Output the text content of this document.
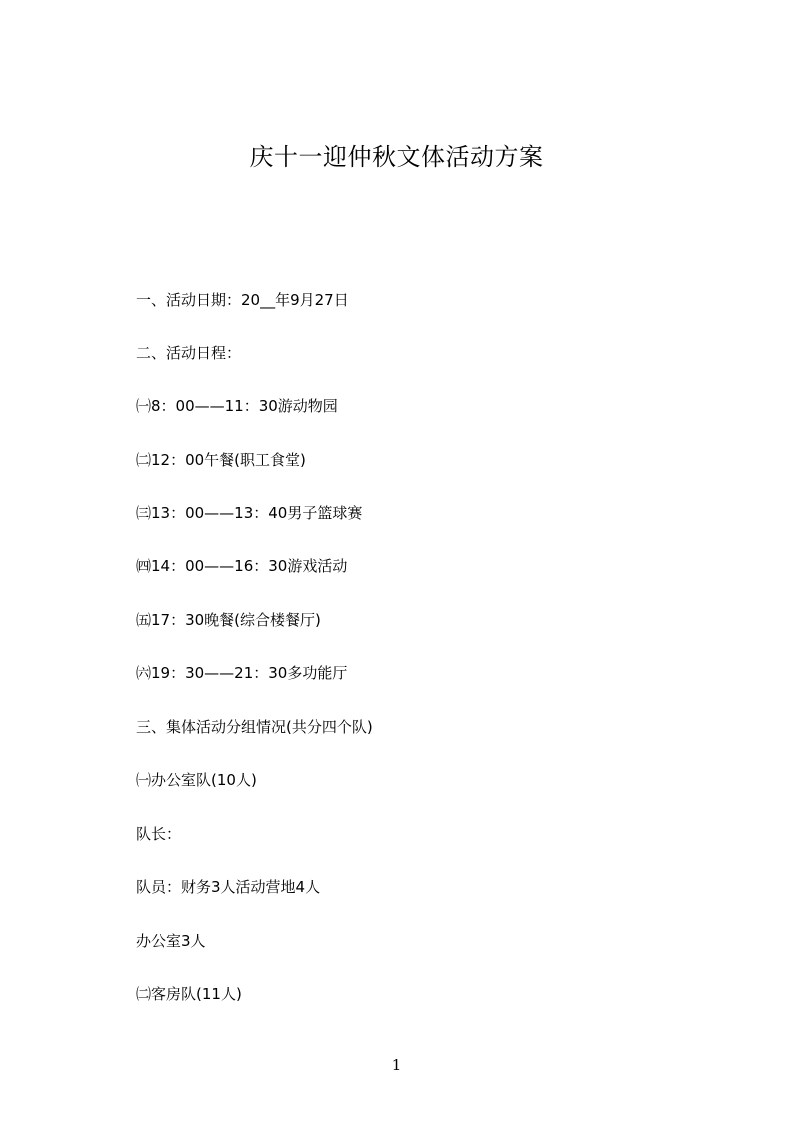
庆十一迎仲秋文体活动方案
一、活动日期：20__年9月27日
二、活动日程：
㈠8：00——11：30游动物园
㈡12：00午餐(职工食堂)
㈢13：00——13：40男子篮球赛
㈣14：00——16：30游戏活动
㈤17：30晚餐(综合楼餐厅)
㈥19：30——21：30多功能厅
三、集体活动分组情况(共分四个队)
㈠办公室队(10人)
队长：
队员：财务3人活动营地4人
办公室3人
㈡客房队(11人)
1
